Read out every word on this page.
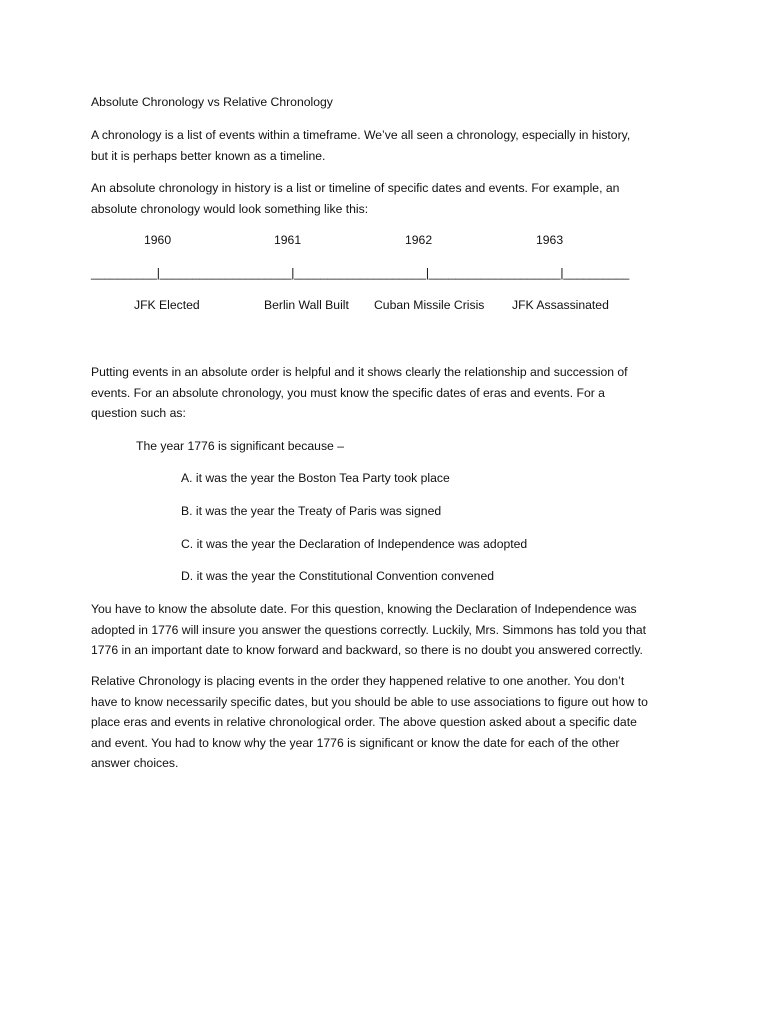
Absolute Chronology vs Relative Chronology

A chronology is a list of events within a timeframe. We’ve all seen a chronology, especially in history,
but it is perhaps better known as a timeline.
An absolute chronology in history is a list or timeline of specific dates and events. For example, an
absolute chronology would look something like this:
1960	1961	1962	1963
__________|____________________|____________________|____________________|__________
JFK Elected	Berlin Wall Built Cuban Missile Crisis JFK Assassinated
Putting events in an absolute order is helpful and it shows clearly the relationship and succession of
events. For an absolute chronology, you must know the specific dates of eras and events. For a
question such as:
The year 1776 is significant because –
A. it was the year the Boston Tea Party took place
B. it was the year the Treaty of Paris was signed
C. it was the year the Declaration of Independence was adopted
D. it was the year the Constitutional Convention convened
You have to know the absolute date. For this question, knowing the Declaration of Independence was
adopted in 1776 will insure you answer the questions correctly. Luckily, Mrs. Simmons has told you that
1776 in an important date to know forward and backward, so there is no doubt you answered correctly.
Relative Chronology is placing events in the order they happened relative to one another. You don’t
have to know necessarily specific dates, but you should be able to use associations to figure out how to
place eras and events in relative chronological order. The above question asked about a specific date
and event. You had to know why the year 1776 is significant or know the date for each of the other
answer choices.
